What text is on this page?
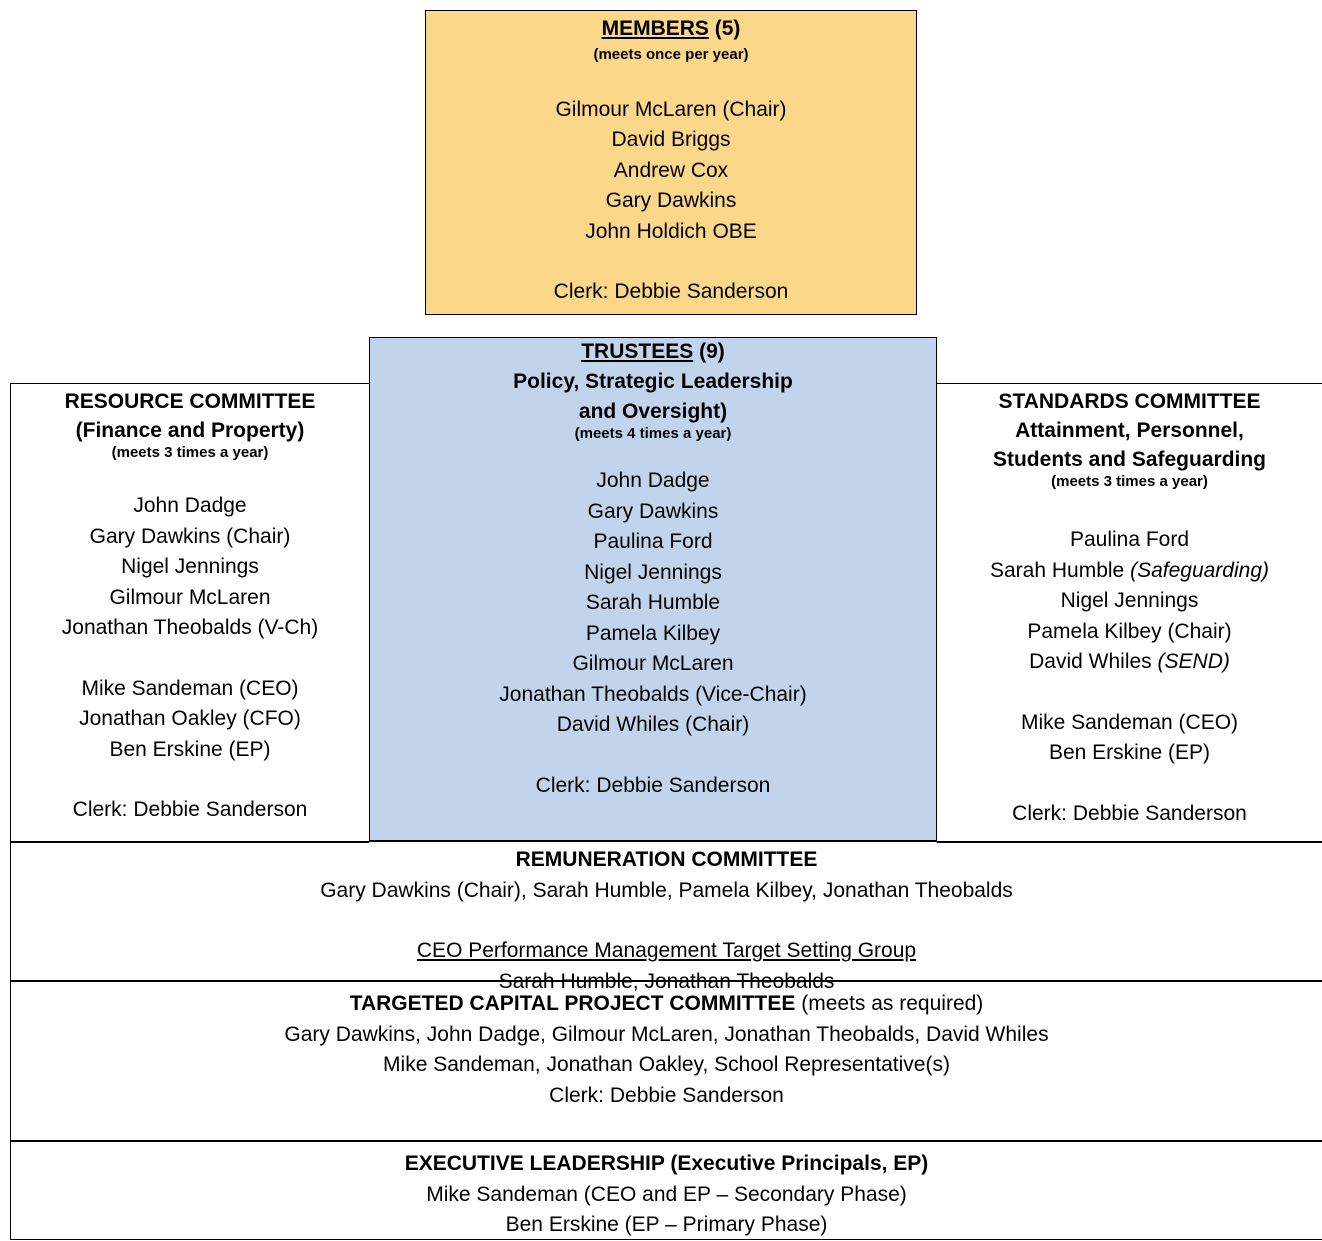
MEMBERS (5)
(meets once per year)
Gilmour McLaren (Chair)
David Briggs
Andrew Cox
Gary Dawkins
John Holdich OBE
Clerk: Debbie Sanderson
RESOURCE COMMITTEE
(Finance and Property)
(meets 3 times a year)
John Dadge
Gary Dawkins (Chair)
Nigel Jennings
Gilmour McLaren
Jonathan Theobalds (V-Ch)
Mike Sandeman (CEO)
Jonathan Oakley (CFO)
Ben Erskine (EP)
Clerk: Debbie Sanderson
TRUSTEES (9)
Policy, Strategic Leadership
and Oversight)
(meets 4 times a year)
John Dadge
Gary Dawkins
Paulina Ford
Nigel Jennings
Sarah Humble
Pamela Kilbey
Gilmour McLaren
Jonathan Theobalds (Vice-Chair)
David Whiles (Chair)
Clerk: Debbie Sanderson
STANDARDS COMMITTEE
Attainment, Personnel,
Students and Safeguarding
(meets 3 times a year)
Paulina Ford
Sarah Humble (Safeguarding)
Nigel Jennings
Pamela Kilbey (Chair)
David Whiles (SEND)
Mike Sandeman (CEO)
Ben Erskine (EP)
Clerk: Debbie Sanderson
REMUNERATION COMMITTEE
Gary Dawkins (Chair), Sarah Humble, Pamela Kilbey, Jonathan Theobalds
CEO Performance Management Target Setting Group
Sarah Humble, Jonathan Theobalds
TARGETED CAPITAL PROJECT COMMITTEE (meets as required)
Gary Dawkins, John Dadge, Gilmour McLaren, Jonathan Theobalds, David Whiles
Mike Sandeman, Jonathan Oakley, School Representative(s)
Clerk: Debbie Sanderson
EXECUTIVE LEADERSHIP (Executive Principals, EP)
Mike Sandeman (CEO and EP – Secondary Phase)
Ben Erskine (EP – Primary Phase)
